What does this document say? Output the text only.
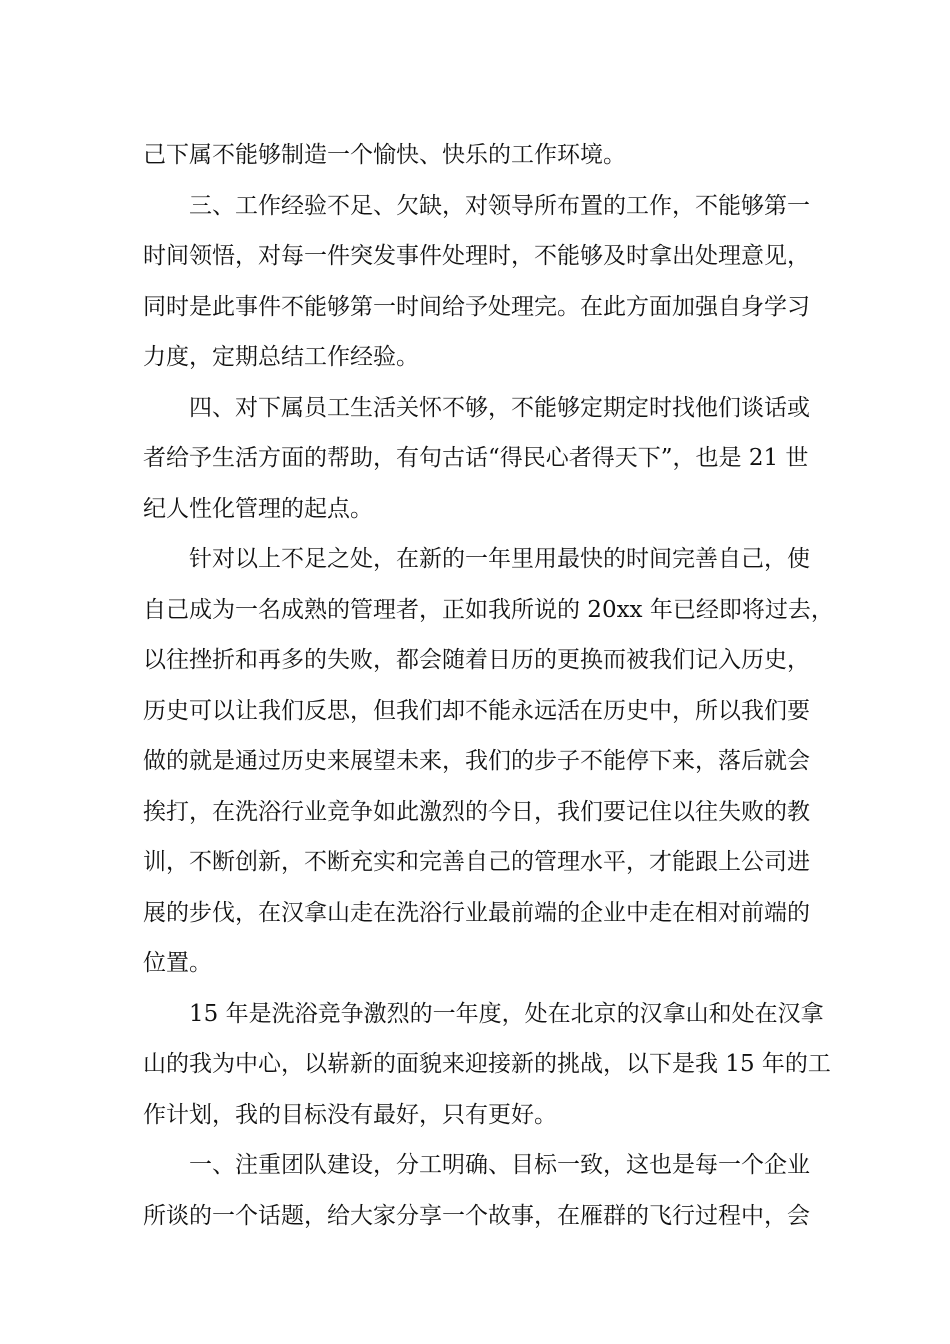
己下属不能够制造一个愉快、快乐的工作环境。
三、工作经验不足、欠缺，对领导所布置的工作，不能够第一
时间领悟，对每一件突发事件处理时，不能够及时拿出处理意见，
同时是此事件不能够第一时间给予处理完。在此方面加强自身学习
力度，定期总结工作经验。
四、对下属员工生活关怀不够，不能够定期定时找他们谈话或
者给予生活方面的帮助，有句古话“得民心者得天下”，也是 21 世
纪人性化管理的起点。
针对以上不足之处，在新的一年里用最快的时间完善自己，使
自己成为一名成熟的管理者，正如我所说的 20xx 年已经即将过去，
以往挫折和再多的失败，都会随着日历的更换而被我们记入历史，
历史可以让我们反思，但我们却不能永远活在历史中，所以我们要
做的就是通过历史来展望未来，我们的步子不能停下来，落后就会
挨打，在洗浴行业竞争如此激烈的今日，我们要记住以往失败的教
训，不断创新，不断充实和完善自己的管理水平，才能跟上公司进
展的步伐，在汉拿山走在洗浴行业最前端的企业中走在相对前端的
位置。
15 年是洗浴竞争激烈的一年度，处在北京的汉拿山和处在汉拿
山的我为中心，以崭新的面貌来迎接新的挑战，以下是我 15 年的工
作计划，我的目标没有最好，只有更好。
一、注重团队建设，分工明确、目标一致，这也是每一个企业
所谈的一个话题，给大家分享一个故事，在雁群的飞行过程中，会
